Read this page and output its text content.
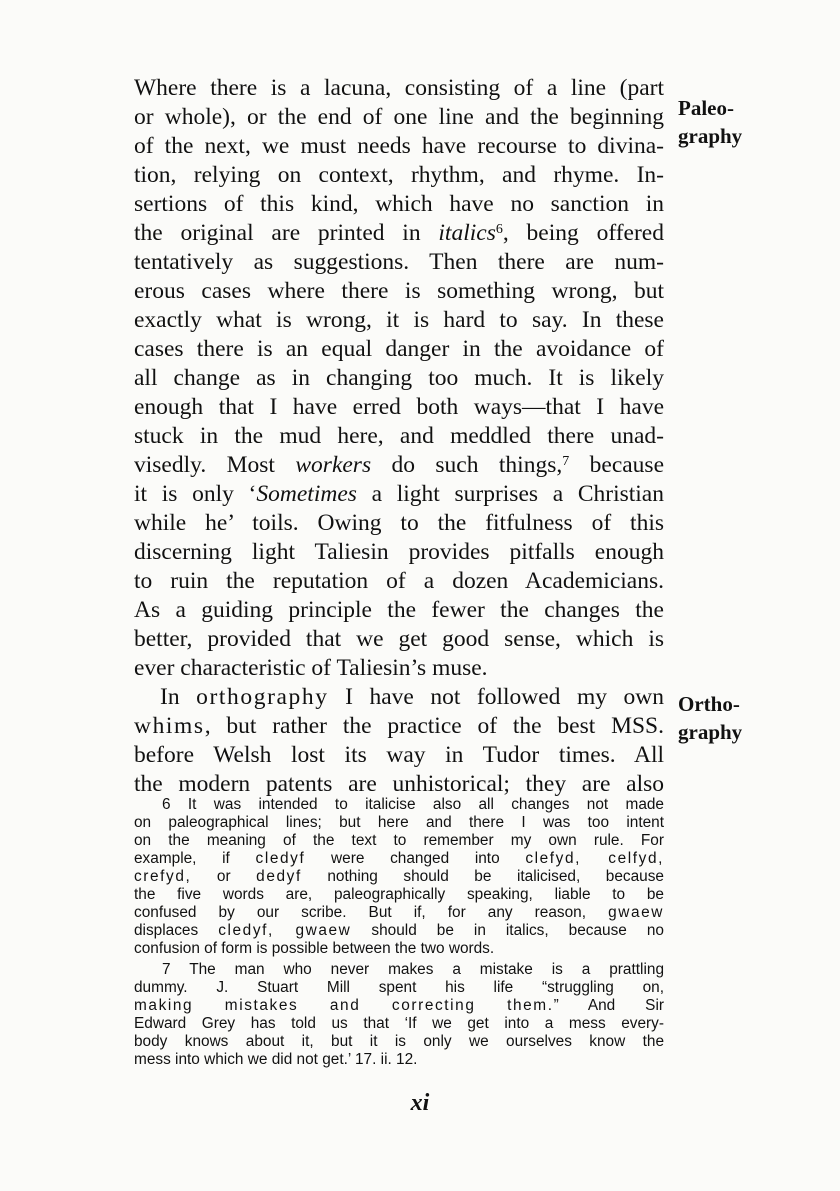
Paleo-
graphy
Ortho-
graphy
Where there is a lacuna, consisting of a line (part
or whole), or the end of one line and the beginning
of the next, we must needs have recourse to divina-
tion, relying on context, rhythm, and rhyme. In-
sertions of this kind, which have no sanction in
the original are printed in italics$^6$, being offered
tentatively as suggestions. Then there are num-
erous cases where there is something wrong, but
exactly what is wrong, it is hard to say. In these
cases there is an equal danger in the avoidance of
all change as in changing too much. It is likely
enough that I have erred both ways—that I have
stuck in the mud here, and meddled there unad-
visedly. Most workers do such things,$^7$ because
it is only ‘Sometimes a light surprises a Christian
while he’ toils. Owing to the fitfulness of this
discerning light Taliesin provides pitfalls enough
to ruin the reputation of a dozen Academicians.
As a guiding principle the fewer the changes the
better, provided that we get good sense, which is
ever characteristic of Taliesin’s muse.
In orthography I have not followed my own
whims, but rather the practice of the best MSS.
before Welsh lost its way in Tudor times. All
the modern patents are unhistorical; they are also
6 It was intended to italicise also all changes not made
on paleographical lines; but here and there I was too intent
on the meaning of the text to remember my own rule. For
example, if cledyf were changed into clefyd, celfyd,
crefyd, or dedyf nothing should be italicised, because
the five words are, paleographically speaking, liable to be
confused by our scribe. But if, for any reason, gwaew
displaces cledyf, gwaew should be in italics, because no
confusion of form is possible between the two words.
7 The man who never makes a mistake is a prattling
dummy. J. Stuart Mill spent his life “struggling on,
making mistakes and correcting them.” And Sir
Edward Grey has told us that ‘If we get into a mess every-
body knows about it, but it is only we ourselves know the
mess into which we did not get.’ 17. ii. 12.
xi
